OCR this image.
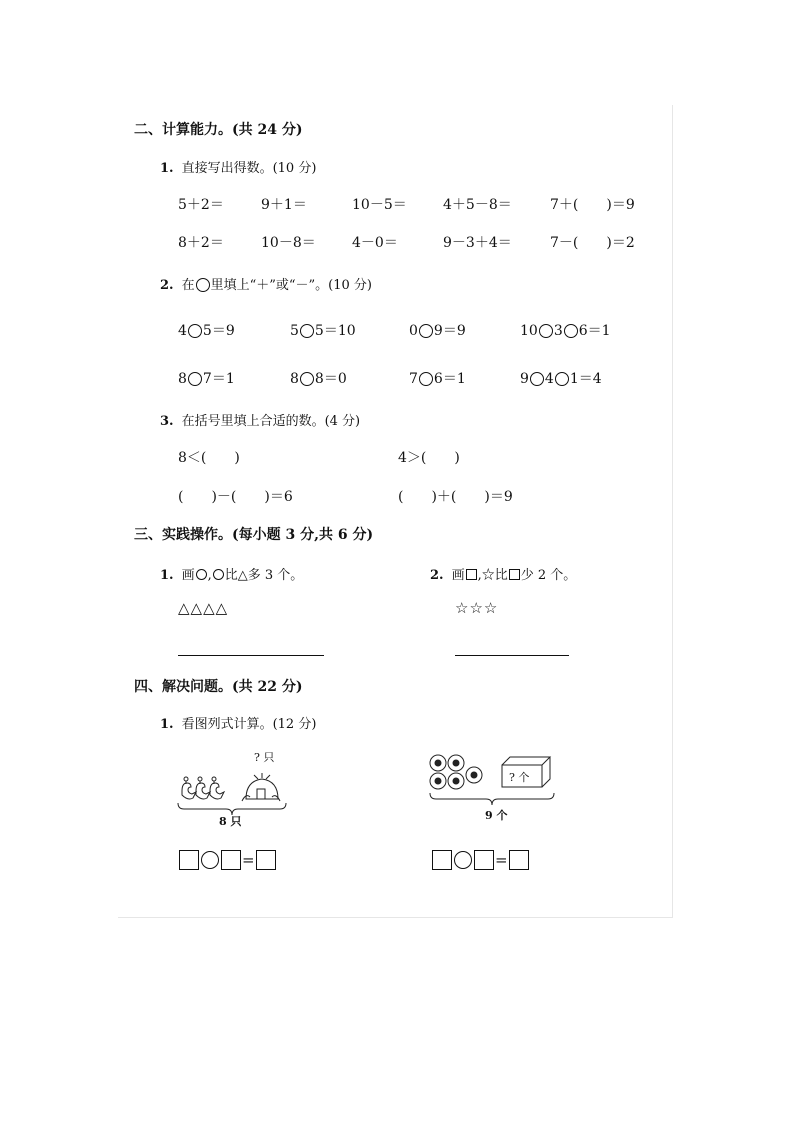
二、计算能力。(共 24 分)
1. 直接写出得数。(10 分)
5＋2＝	9＋1＝	10－5＝	4＋5－8＝	7＋(　　)＝9
8＋2＝	10－8＝	4－0＝	9－3＋4＝	7－(　　)＝2
2. 在 里填上“＋”或“－”。(10 分)
4 5＝9	5 5＝10	0 9＝9	10 3 6＝1
8 7＝1	8 8＝0	7 6＝1	9 4 1＝4
3. 在括号里填上合适的数。(4 分)
8＜(　　)	4＞(　　)
(　　)－(　　)＝6	(　　)＋(　　)＝9
三、实践操作。(每小题 3 分,共 6 分)
1. 画 , 比△多 3 个。	2. 画 ,☆比 少 2 个。
△△△△	☆☆☆
四、解决问题。(共 22 分)
1. 看图列式计算。(12 分)
? 只
8 只
? 个
9 个
=	=
